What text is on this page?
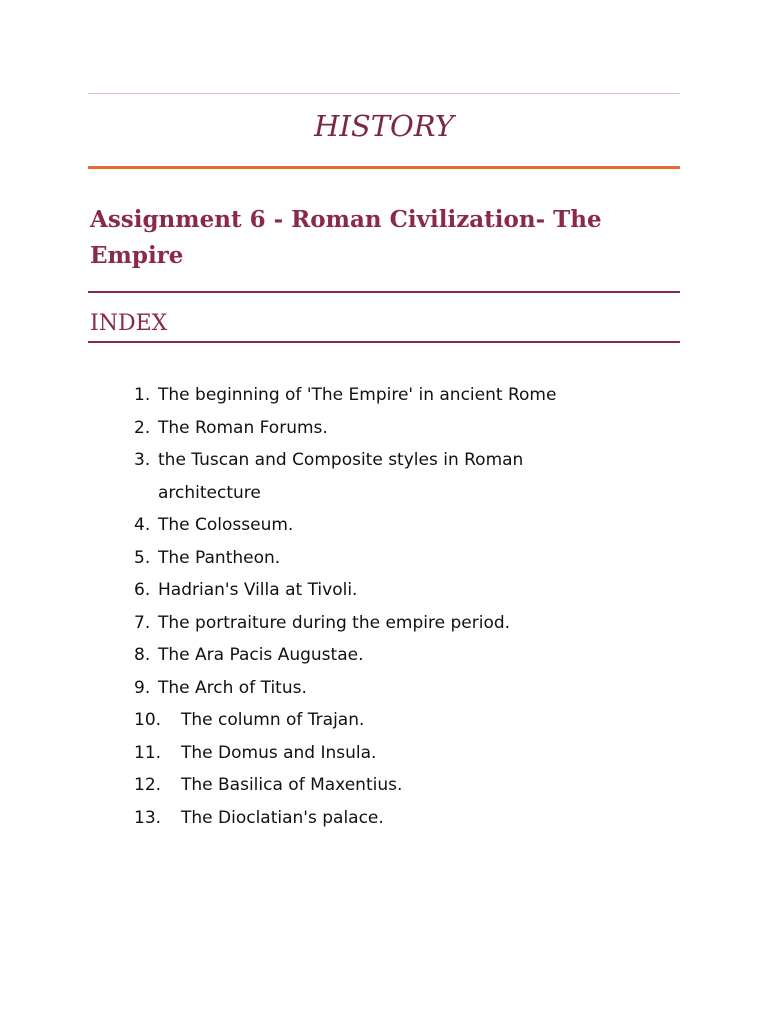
HISTORY
Assignment 6 - Roman Civilization- The Empire
INDEX
1. The beginning of 'The Empire' in ancient Rome
2. The Roman Forums.
3. the Tuscan and Composite styles in Roman architecture
4. The Colosseum.
5. The Pantheon.
6. Hadrian's Villa at Tivoli.
7. The portraiture during the empire period.
8. The Ara Pacis Augustae.
9. The Arch of Titus.
10. The column of Trajan.
11. The Domus and Insula.
12. The Basilica of Maxentius.
13. The Dioclatian's palace.
